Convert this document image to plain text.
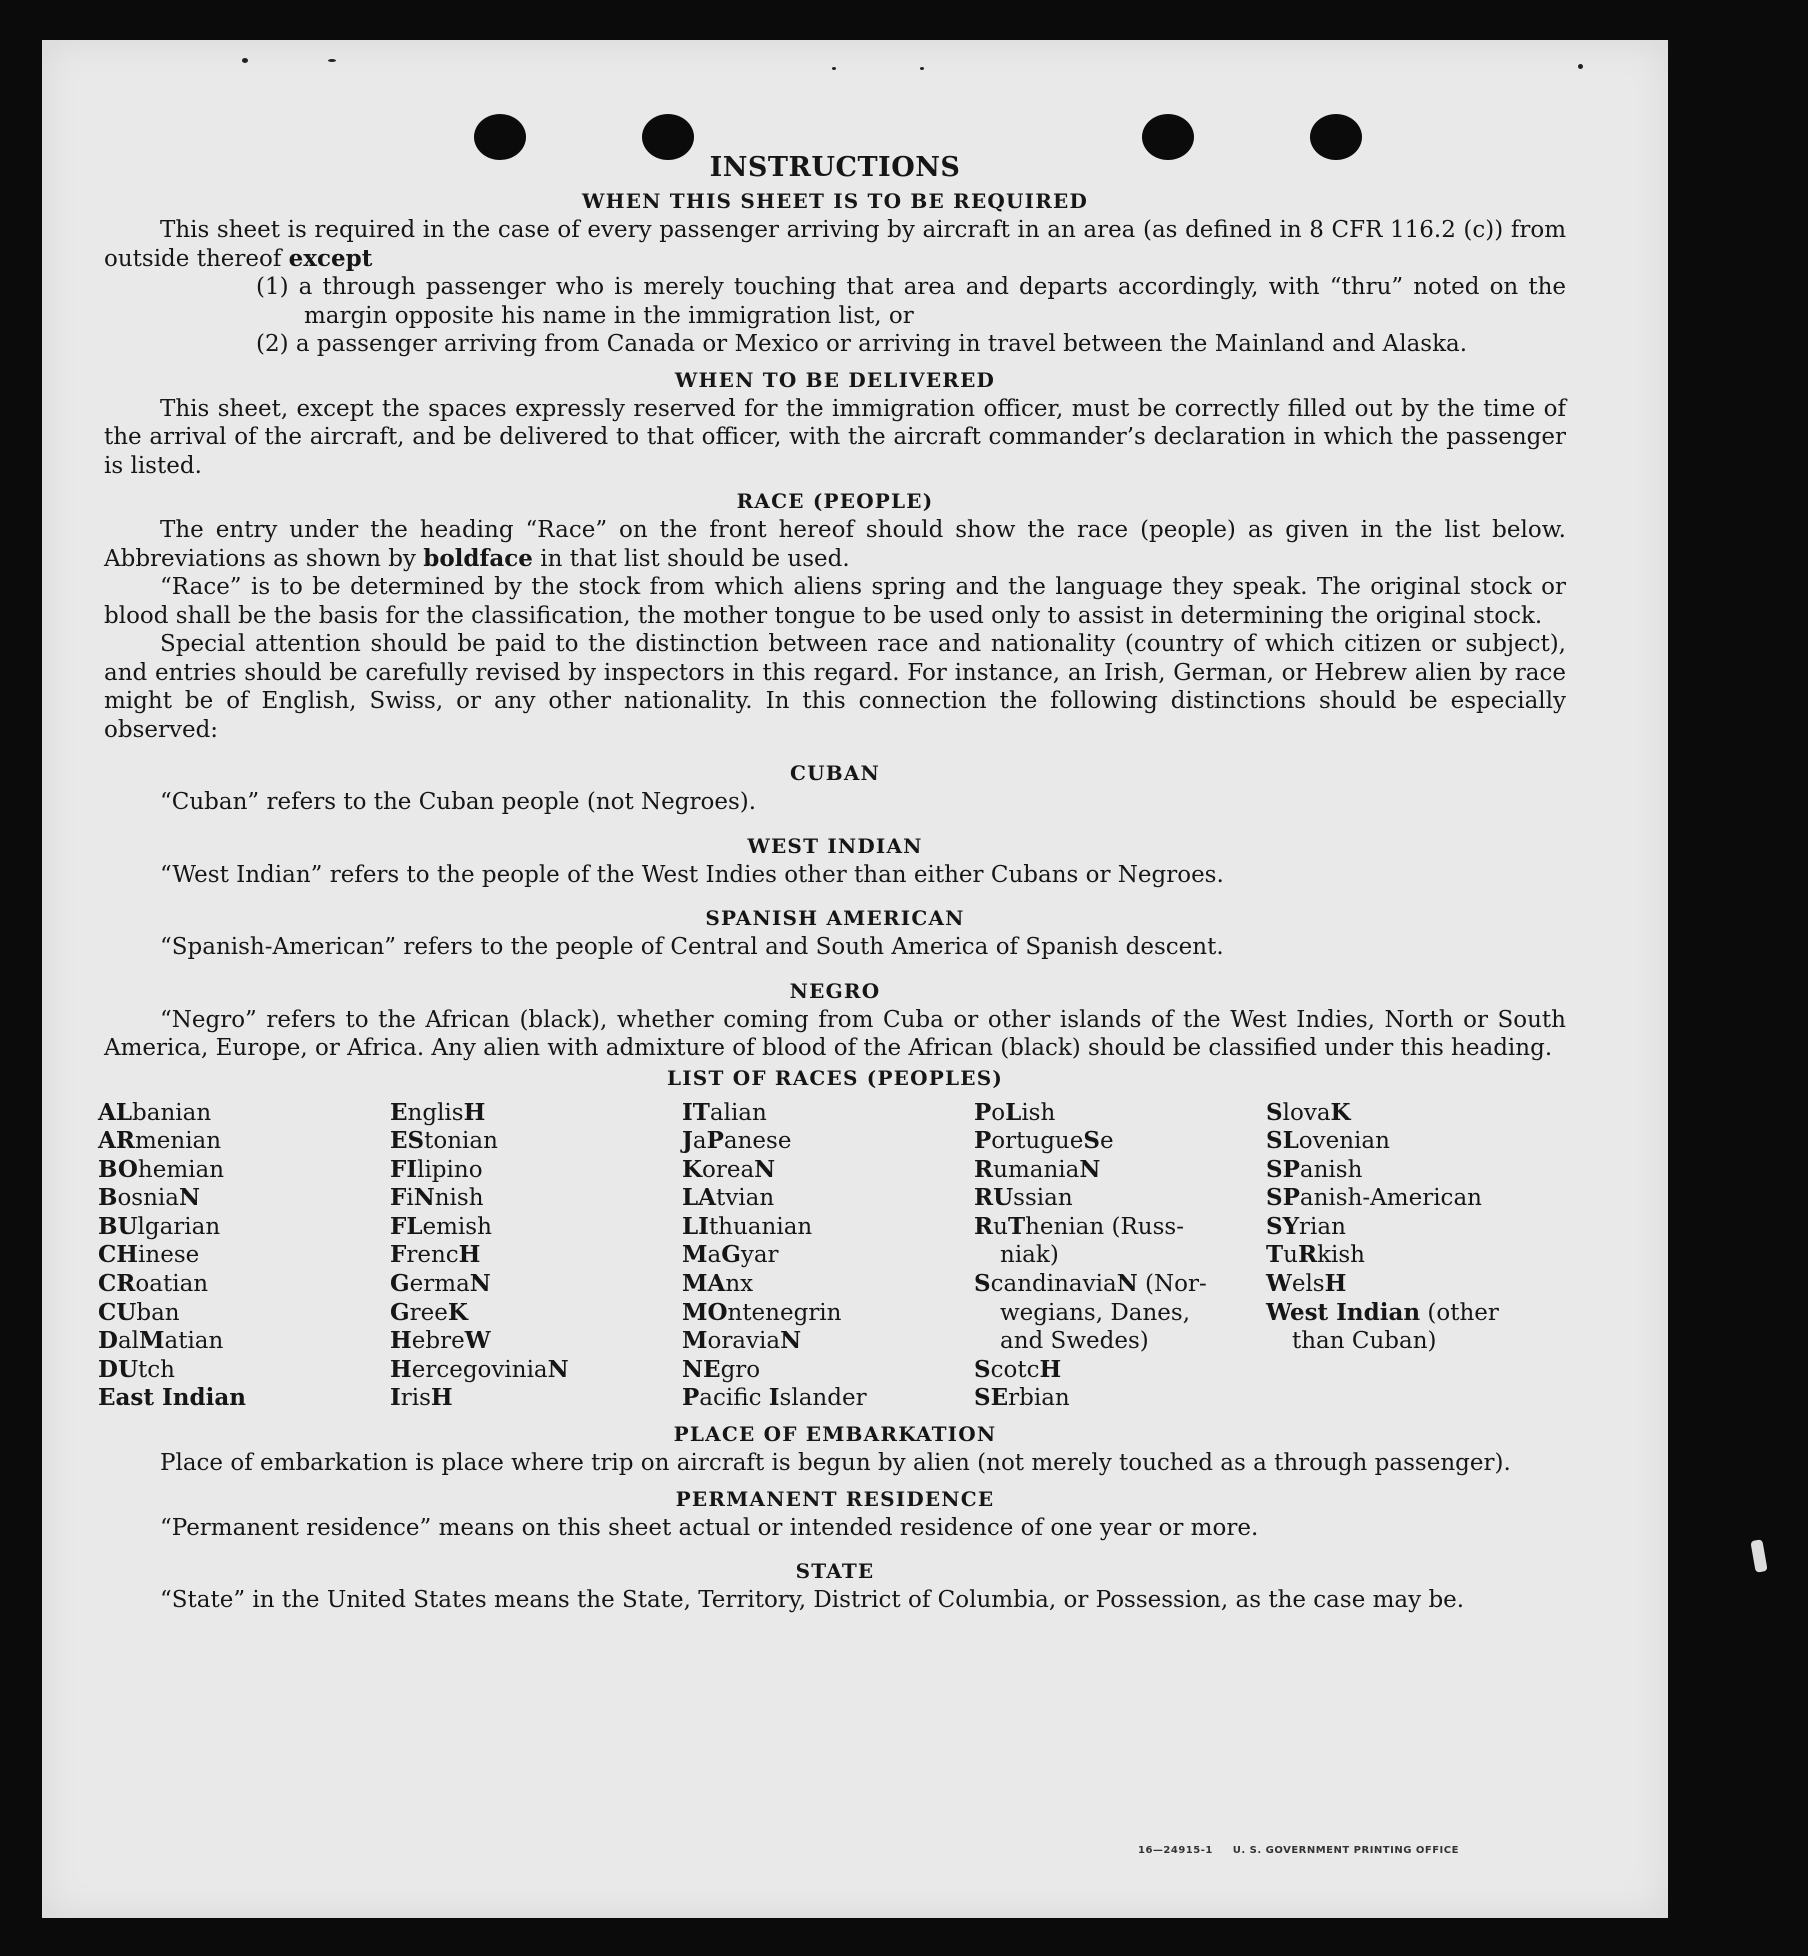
INSTRUCTIONS
WHEN THIS SHEET IS TO BE REQUIRED

This sheet is required in the case of every passenger arriving by aircraft in an area (as defined in 8 CFR 116.2 (c)) from outside thereof except

(1) a through passenger who is merely touching that area and departs accordingly, with “thru” noted on the margin opposite his name in the immigration list, or
(2) a passenger arriving from Canada or Mexico or arriving in travel between the Mainland and Alaska.
WHEN TO BE DELIVERED

This sheet, except the spaces expressly reserved for the immigration officer, must be correctly filled out by the time of the arrival of the aircraft, and be delivered to that officer, with the aircraft commander’s declaration in which the passenger is listed.

RACE (PEOPLE)

The entry under the heading “Race” on the front hereof should show the race (people) as given in the list below. Abbreviations as shown by boldface in that list should be used.

“Race” is to be determined by the stock from which aliens spring and the language they speak. The original stock or blood shall be the basis for the classification, the mother tongue to be used only to assist in determining the original stock.

Special attention should be paid to the distinction between race and nationality (country of which citizen or subject), and entries should be carefully revised by inspectors in this regard. For instance, an Irish, German, or Hebrew alien by race might be of English, Swiss, or any other nationality. In this connection the following distinctions should be especially observed:

CUBAN
“Cuban” refers to the Cuban people (not Negroes).
WEST INDIAN
“West Indian” refers to the people of the West Indies other than either Cubans or Negroes.
SPANISH AMERICAN
“Spanish-American” refers to the people of Central and South America of Spanish descent.
NEGRO

“Negro” refers to the African (black), whether coming from Cuba or other islands of the West Indies, North or South America, Europe, or Africa. Any alien with admixture of blood of the African (black) should be classified under this heading.

LIST OF RACES (PEOPLES)
ALbanian
ARmenian
BOhemian
BosniaN
BUlgarian
CHinese
CRoatian
CUban
DalMatian
DUtch
East Indian
EnglisH
EStonian
FIlipino
FiNnish
FLemish
FrencH
GermaN
GreeK
HebreW
HercegoviniaN
IrisH
ITalian
JaPanese
KoreaN
LAtvian
LIthuanian
MaGyar
MAnx
MOntenegrin
MoraviaN
NEgro
Pacific Islander
PoLish
PortugueSe
RumaniaN
RUssian
RuThenian (Russ-
niak)
ScandinaviaN (Nor-
wegians, Danes,
and Swedes)
ScotcH
SErbian
SlovaK
SLovenian
SPanish
SPanish-American
SYrian
TuRkish
WelsH
West Indian (other
than Cuban)
PLACE OF EMBARKATION

Place of embarkation is place where trip on aircraft is begun by alien (not merely touched as a through passenger).

PERMANENT RESIDENCE
“Permanent residence” means on this sheet actual or intended residence of one year or more.
STATE

“State” in the United States means the State, Territory, District of Columbia, or Possession, as the case may be.

16—24915-1 U. S. GOVERNMENT PRINTING OFFICE
